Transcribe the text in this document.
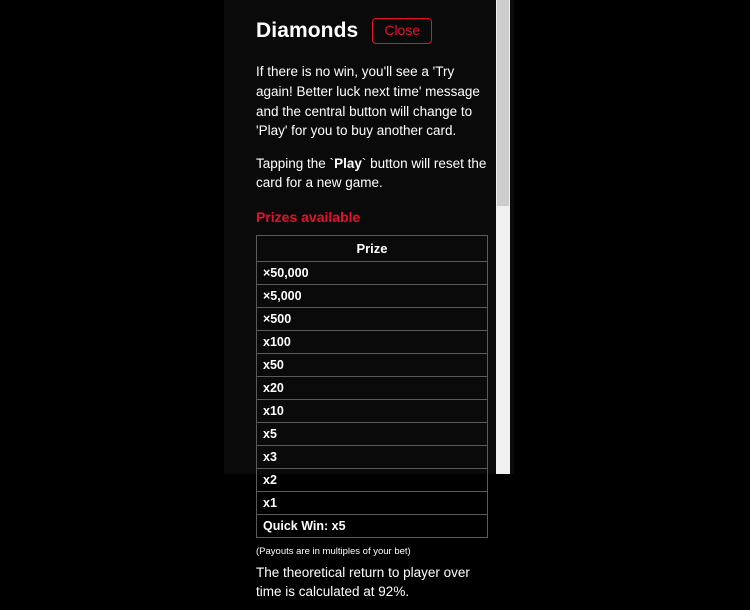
Diamonds	Close

If there is no win, you'll see a 'Try again! Better luck next time' message and the central button will change to 'Play' for you to buy another card.

Tapping the `Play` button will reset the card for a new game.

Prizes available
Prize
×50,000
×5,000
×500
x100
x50
x20
x10
x5
x3
x2
x1
Quick Win: x5
(Payouts are in multiples of your bet)

The theoretical return to player over time is calculated at 92%.
